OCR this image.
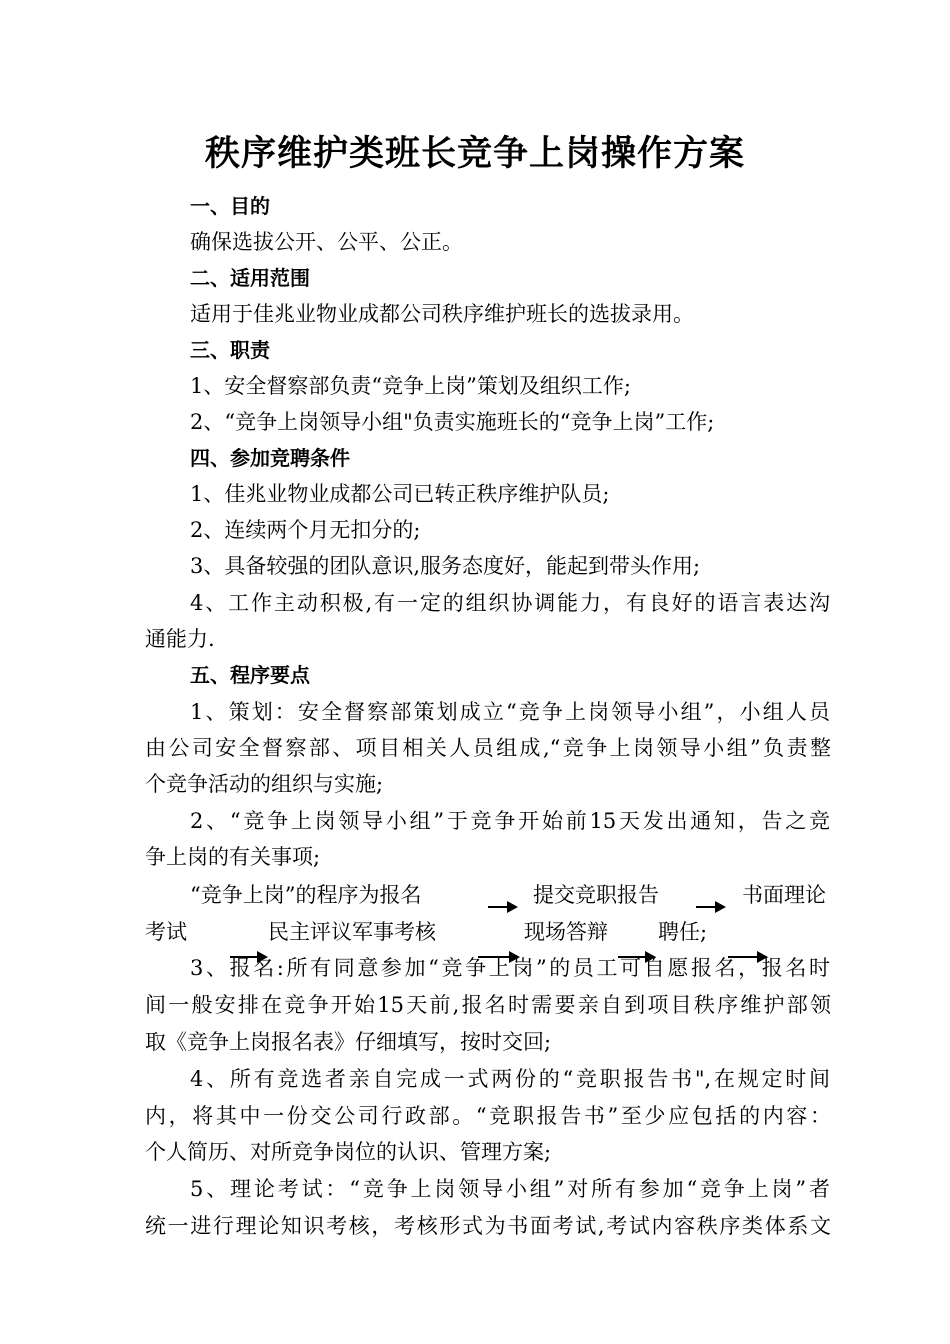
秩序维护类班长竞争上岗操作方案
一、目的
确保选拔公开、公平、公正。
二、适用范围
适用于佳兆业物业成都公司秩序维护班长的选拔录用。
三、职责
1、安全督察部负责“竞争上岗”策划及组织工作;
2、“竞争上岗领导小组"负责实施班长的“竞争上岗”工作;
四、参加竞聘条件
1、佳兆业物业成都公司已转正秩序维护队员;
2、连续两个月无扣分的;
3、具备较强的团队意识,服务态度好，能起到带头作用;
4、工作主动积极,有一定的组织协调能力，有良好的语言表达沟
通能力.
五、程序要点
1、策划：安全督察部策划成立“竞争上岗领导小组”，小组人员
由公司安全督察部、项目相关人员组成,“竞争上岗领导小组”负责整
个竞争活动的组织与实施;
2、“竞争上岗领导小组”于竞争开始前15天发出通知，告之竞
争上岗的有关事项;
“竞争上岗”的程序为报名	提交竞职报告	书面理论
考试	民主评议军事考核	现场答辩 聘任;
3、报名:所有同意参加“竞争上岗”的员工可自愿报名，报名时
间一般安排在竞争开始15天前,报名时需要亲自到项目秩序维护部领
取《竞争上岗报名表》仔细填写，按时交回;
4、所有竞选者亲自完成一式两份的“竞职报告书",在规定时间
内，将其中一份交公司行政部。“竞职报告书”至少应包括的内容：
个人简历、对所竞争岗位的认识、管理方案;
5、理论考试：“竞争上岗领导小组”对所有参加“竞争上岗”者
统一进行理论知识考核，考核形式为书面考试,考试内容秩序类体系文
